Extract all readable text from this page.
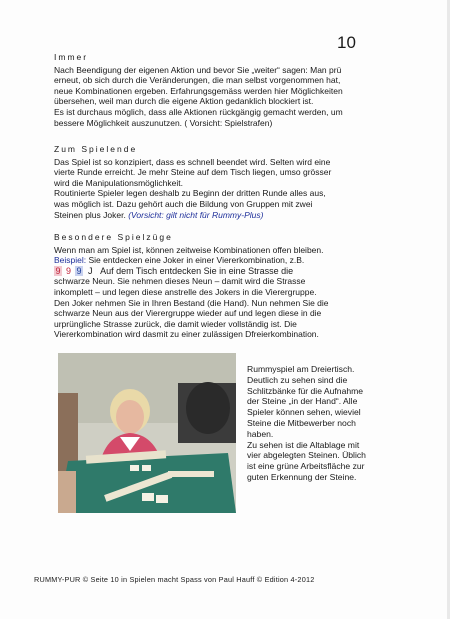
10

Immer

Nach Beendigung der eigenen Aktion und bevor Sie „weiter“ sagen: Man prü

erneut, ob sich durch die Veränderungen, die man selbst vorgenommen hat,

neue Kombinationen ergeben. Erfahrungsgemäss werden hier Möglichkeiten

übersehen, weil man durch die eigene Aktion gedanklich blockiert ist.

Es ist durchaus möglich, dass alle Aktionen rückgängig gemacht werden, um

bessere Möglichkeit auszunutzen. ( Vorsicht: Spielstrafen)

Zum Spielende

Das Spiel ist so konzipiert, dass es schnell beendet wird. Selten wird eine

vierte Runde erreicht. Je mehr Steine auf dem Tisch liegen, umso grösser

wird die Manipulationsmöglichkeit.

Routinierte Spieler legen deshalb zu Beginn der dritten Runde alles aus,

was möglich ist. Dazu gehört auch die Bildung von Gruppen mit zwei

Steinen plus Joker. (Vorsicht: gilt nicht für Rummy-Plus)

Besondere Spielzüge

Wenn man am Spiel ist, können zeitweise Kombinationen offen bleiben.

Beispiel: Sie entdecken eine Joker in einer Viererkombination, z.B.

9 9 9 J Auf dem Tisch entdecken Sie in eine Strasse die

schwarze Neun. Sie nehmen dieses Neun – damit wird die Strasse

inkomplett – und legen diese anstrelle des Jokers in die Vierergruppe.

Den Joker nehmen Sie in Ihren Bestand (die Hand). Nun nehmen Sie die

schwarze Neun aus der Vierergruppe wieder auf und legen diese in die

urprüngliche Strasse zurück, die damit wieder vollständig ist. Die

Viererkombination wird dasmit zu einer zulässigen Dfreierkombination.

Rummyspiel am Dreiertisch.

Deutlich zu sehen sind die

Schlitzbänke für die Aufnahme

der Steine „in der Hand“. Alle

Spieler können sehen, wieviel

Steine die Mitbewerber noch

haben.

Zu sehen ist die Altablage mit

vier abgelegten Steinen. Üblich

ist eine grüne Arbeitsfläche zur

guten Erkennung der Steine.

RUMMY-PUR © Seite 10 in Spielen macht Spass von Paul Hauff © Edition 4-2012
